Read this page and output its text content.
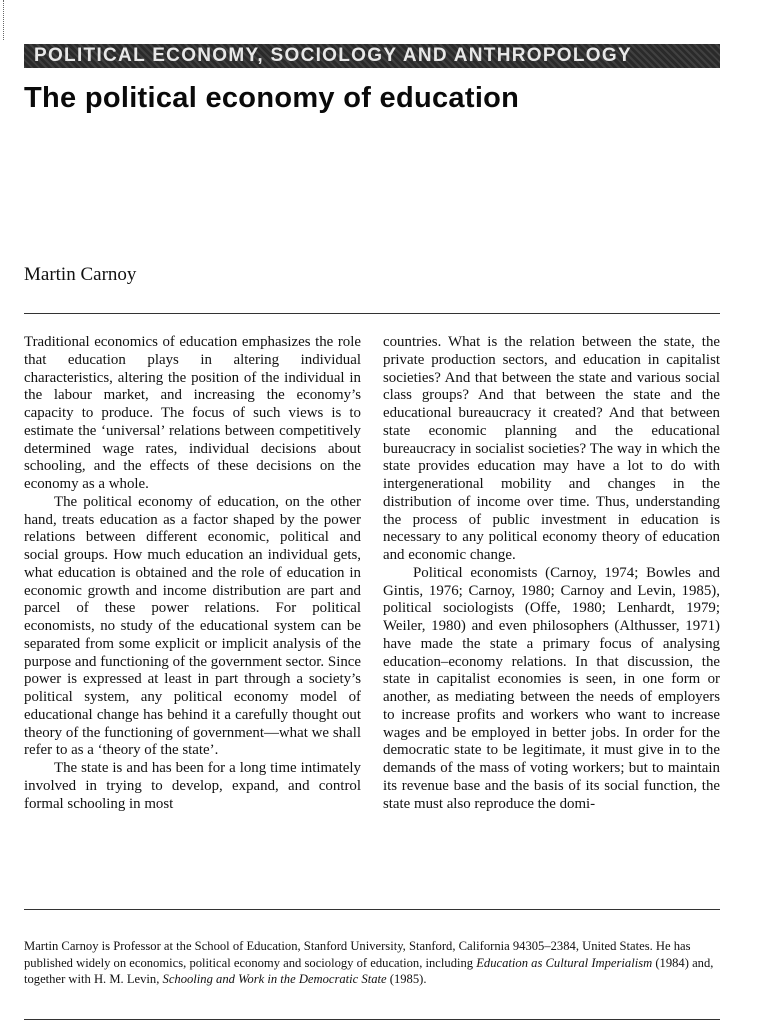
POLITICAL ECONOMY, SOCIOLOGY AND ANTHROPOLOGY
The political economy of education
Martin Carnoy

Traditional economics of education emphasizes the role that education plays in altering individual characteristics, altering the position of the individual in the labour market, and increasing the economy’s capacity to produce. The focus of such views is to estimate the ‘universal’ relations between competitively determined wage rates, individual decisions about schooling, and the effects of these decisions on the economy as a whole.

The political economy of education, on the other hand, treats education as a factor shaped by the power relations between different economic, political and social groups. How much education an individual gets, what education is obtained and the role of education in economic growth and income distribution are part and parcel of these power relations. For political economists, no study of the educational system can be separated from some explicit or implicit analysis of the purpose and functioning of the government sector. Since power is expressed at least in part through a society’s political system, any political economy model of educational change has behind it a carefully thought out theory of the functioning of government—what we shall refer to as a ‘theory of the state’.

The state is and has been for a long time intimately involved in trying to develop, expand, and control formal schooling in most

countries. What is the relation between the state, the private production sectors, and education in capitalist societies? And that between the state and various social class groups? And that between the state and the educational bureaucracy it created? And that between state economic planning and the educational bureaucracy in socialist societies? The way in which the state provides education may have a lot to do with intergenerational mobility and changes in the distribution of income over time. Thus, understanding the process of public investment in education is necessary to any political economy theory of education and economic change.

Political economists (Carnoy, 1974; Bowles and Gintis, 1976; Carnoy, 1980; Carnoy and Levin, 1985), political sociologists (Offe, 1980; Lenhardt, 1979; Weiler, 1980) and even philosophers (Althusser, 1971) have made the state a primary focus of analysing education–economy relations. In that discussion, the state in capitalist economies is seen, in one form or another, as mediating between the needs of employers to increase profits and workers who want to increase wages and be employed in better jobs. In order for the democratic state to be legitimate, it must give in to the demands of the mass of voting workers; but to maintain its revenue base and the basis of its social function, the state must also reproduce the domi-

Martin Carnoy is Professor at the School of Education, Stanford University, Stanford, California 94305–2384, United States. He has published widely on economics, political economy and sociology of education, including Education as Cultural Imperialism (1984) and, together with H. M. Levin, Schooling and Work in the Democratic State (1985).
